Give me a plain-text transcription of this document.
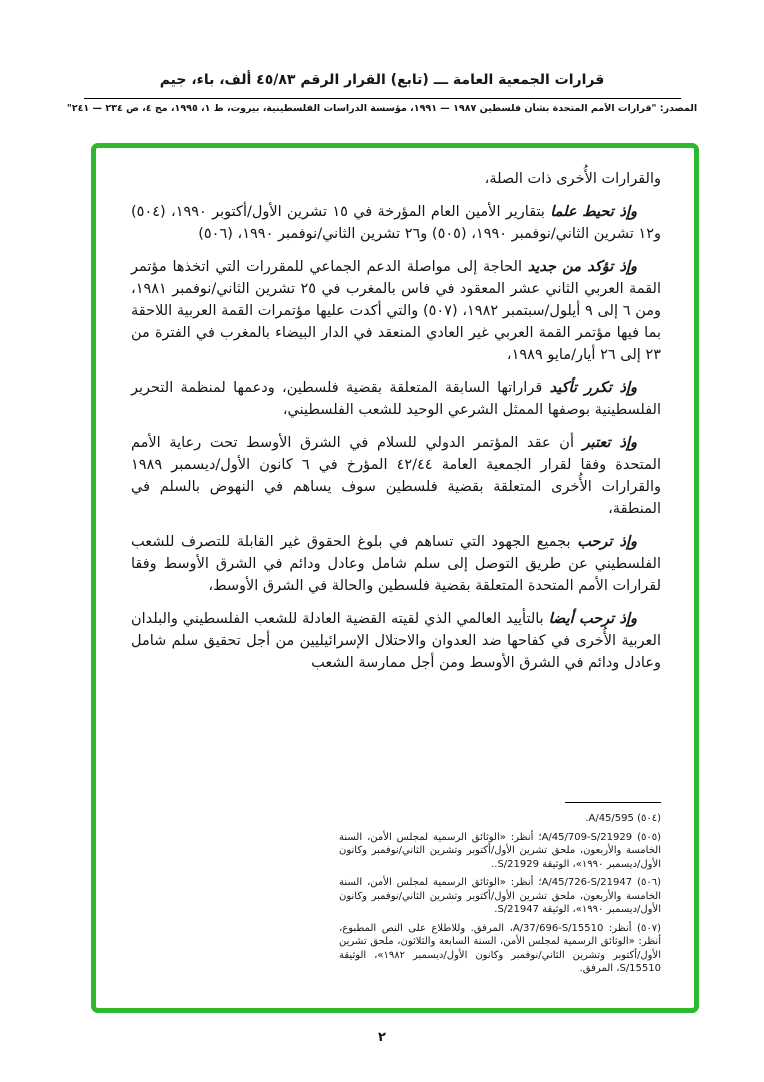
قرارات الجمعية العامة ـــ (تابع) القرار الرقم ٤٥/٨٣ ألف، باء، جيم
المصدر: "قرارات الأمم المتحدة بشأن فلسطين ١٩٨٧ — ١٩٩١، مؤسسة الدراسات الفلسطينية، بيروت، ط ١، ١٩٩٥، مج ٤، ص ٢٣٤ — ٢٤١"

والقرارات الأُخرى ذات الصلة،

وإذ تحيط علما بتقارير الأمين العام المؤرخة في ١٥ تشرين الأول/أكتوبر ١٩٩٠، (٥٠٤) و١٢ تشرين الثاني/نوفمبر ١٩٩٠، (٥٠٥) و٢٦ تشرين الثاني/نوفمبر ١٩٩٠، (٥٠٦)

وإذ تؤكد من جديد الحاجة إلى مواصلة الدعم الجماعي للمقررات التي اتخذها مؤتمر القمة العربي الثاني عشر المعقود في فاس بالمغرب في ٢٥ تشرين الثاني/نوفمبر ١٩٨١، ومن ٦ إلى ٩ أيلول/سبتمبر ١٩٨٢، (٥٠٧) والتي أكدت عليها مؤتمرات القمة العربية اللاحقة بما فيها مؤتمر القمة العربي غير العادي المنعقد في الدار البيضاء بالمغرب في الفترة من ٢٣ إلى ٢٦ أيار/مايو ١٩٨٩،

وإذ تكرر تأكيد قراراتها السابقة المتعلقة بقضية فلسطين، ودعمها لمنظمة التحرير الفلسطينية بوصفها الممثل الشرعي الوحيد للشعب الفلسطيني،

وإذ تعتبر أن عقد المؤتمر الدولي للسلام في الشرق الأوسط تحت رعاية الأمم المتحدة وفقا لقرار الجمعية العامة ٤٢/٤٤ المؤرخ في ٦ كانون الأول/ديسمبر ١٩٨٩ والقرارات الأُخرى المتعلقة بقضية فلسطين سوف يساهم في النهوض بالسلم في المنطقة،

وإذ ترحب بجميع الجهود التي تساهم في بلوغ الحقوق غير القابلة للتصرف للشعب الفلسطيني عن طريق التوصل إلى سلم شامل وعادل ودائم في الشرق الأوسط وفقا لقرارات الأمم المتحدة المتعلقة بقضية فلسطين والحالة في الشرق الأوسط،

وإذ ترحب أيضا بالتأييد العالمي الذي لقيته القضية العادلة للشعب الفلسطيني والبلدان العربية الأُخرى في كفاحها ضد العدوان والاحتلال الإسرائيليين من أجل تحقيق سلم شامل وعادل ودائم في الشرق الأوسط ومن أجل ممارسة الشعب

(٥٠٤) A/45/595.
(٥٠٥) A/45/709-S/21929؛ أنظر: «الوثائق الرسمية لمجلس الأمن، السنة الخامسة والأربعون، ملحق تشرين الأول/أكتوبر وتشرين الثاني/نوفمبر وكانون الأول/ديسمبر ١٩٩٠»، الوثيقة S/21929..
(٥٠٦) A/45/726-S/21947؛ أنظر: «الوثائق الرسمية لمجلس الأمن، السنة الخامسة والأربعون، ملحق تشرين الأول/أكتوبر وتشرين الثاني/نوفمبر وكانون الأول/ديسمبر ١٩٩٠»، الوثيقة S/21947.
(٥٠٧) أنظر: A/37/696-S/15510، المرفق. وللاطلاع على النص المطبوع، أنظر: «الوثائق الرسمية لمجلس الأمن، السنة السابعة والثلاثون، ملحق تشرين الأول/أكتوبر وتشرين الثاني/نوفمبر وكانون الأول/ديسمبر ١٩٨٢»، الوثيقة S/15510، المرفق.
٢
